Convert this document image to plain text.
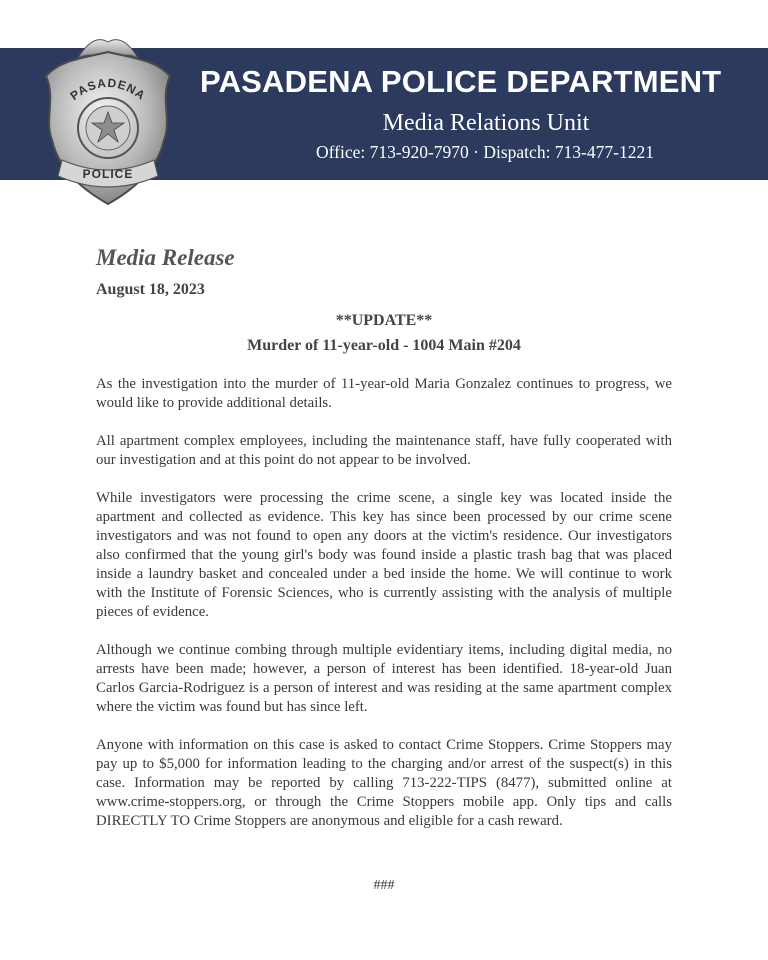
PASADENA
POLICE
PASADENA POLICE DEPARTMENT
Media Relations Unit
Office: 713-920-7970 · Dispatch: 713-477-1221
Media Release
August 18, 2023
**UPDATE**
Murder of 11-year-old - 1004 Main #204

As the investigation into the murder of 11-year-old Maria Gonzalez continues to progress, we would like to provide additional details.

All apartment complex employees, including the maintenance staff, have fully cooperated with our investigation and at this point do not appear to be involved.

While investigators were processing the crime scene, a single key was located inside the apartment and collected as evidence. This key has since been processed by our crime scene investigators and was not found to open any doors at the victim's residence. Our investigators also confirmed that the young girl's body was found inside a plastic trash bag that was placed inside a laundry basket and concealed under a bed inside the home. We will continue to work with the Institute of Forensic Sciences, who is currently assisting with the analysis of multiple pieces of evidence.

Although we continue combing through multiple evidentiary items, including digital media, no arrests have been made; however, a person of interest has been identified. 18-year-old Juan Carlos Garcia-Rodriguez is a person of interest and was residing at the same apartment complex where the victim was found but has since left.

Anyone with information on this case is asked to contact Crime Stoppers. Crime Stoppers may pay up to $5,000 for information leading to the charging and/or arrest of the suspect(s) in this case. Information may be reported by calling 713-222-TIPS (8477), submitted online at www.crime-stoppers.org, or through the Crime Stoppers mobile app. Only tips and calls DIRECTLY TO Crime Stoppers are anonymous and eligible for a cash reward.

###
